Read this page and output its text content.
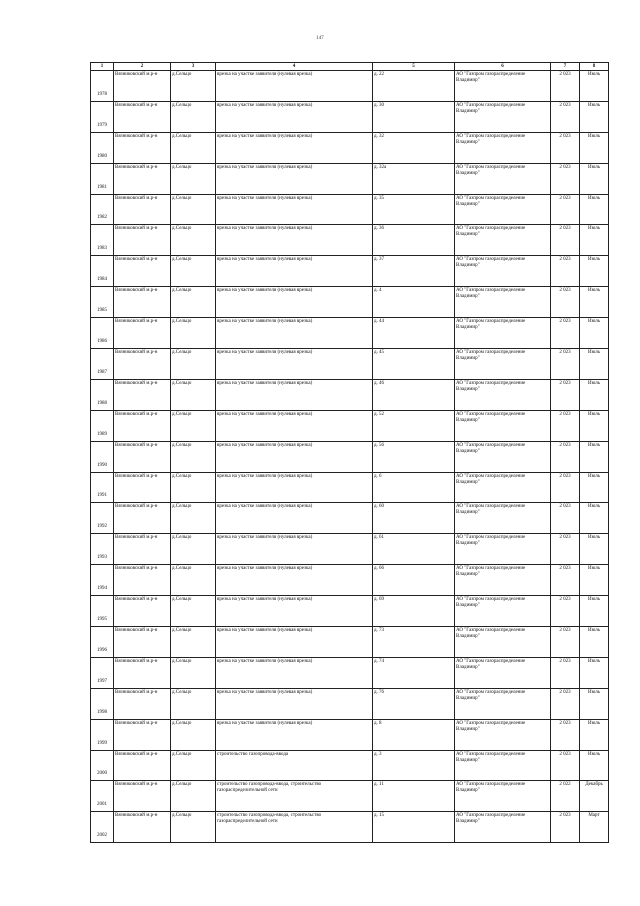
147
1	2	3	4	5	6	7	8
1978	Вязниковский м.р-н	д.Сельцо	врезка на участке заявителя (нулевая врезка)	д. 22	АО "Газпром газораспределение
Владимир"	2 023	Июль
1979	Вязниковский м.р-н	д.Сельцо	врезка на участке заявителя (нулевая врезка)	д. 30	АО "Газпром газораспределение
Владимир"	2 023	Июль
1980	Вязниковский м.р-н	д.Сельцо	врезка на участке заявителя (нулевая врезка)	д. 32	АО "Газпром газораспределение
Владимир"	2 023	Июль
1981	Вязниковский м.р-н	д.Сельцо	врезка на участке заявителя (нулевая врезка)	д. 32а	АО "Газпром газораспределение
Владимир"	2 023	Июль
1982	Вязниковский м.р-н	д.Сельцо	врезка на участке заявителя (нулевая врезка)	д. 35	АО "Газпром газораспределение
Владимир"	2 023	Июль
1983	Вязниковский м.р-н	д.Сельцо	врезка на участке заявителя (нулевая врезка)	д. 36	АО "Газпром газораспределение
Владимир"	2 023	Июль
1984	Вязниковский м.р-н	д.Сельцо	врезка на участке заявителя (нулевая врезка)	д. 37	АО "Газпром газораспределение
Владимир"	2 023	Июль
1985	Вязниковский м.р-н	д.Сельцо	врезка на участке заявителя (нулевая врезка)	д. 4	АО "Газпром газораспределение
Владимир"	2 023	Июль
1986	Вязниковский м.р-н	д.Сельцо	врезка на участке заявителя (нулевая врезка)	д. 44	АО "Газпром газораспределение
Владимир"	2 023	Июль
1987	Вязниковский м.р-н	д.Сельцо	врезка на участке заявителя (нулевая врезка)	д. 45	АО "Газпром газораспределение
Владимир"	2 023	Июль
1988	Вязниковский м.р-н	д.Сельцо	врезка на участке заявителя (нулевая врезка)	д. 46	АО "Газпром газораспределение
Владимир"	2 023	Июль
1989	Вязниковский м.р-н	д.Сельцо	врезка на участке заявителя (нулевая врезка)	д. 52	АО "Газпром газораспределение
Владимир"	2 023	Июль
1990	Вязниковский м.р-н	д.Сельцо	врезка на участке заявителя (нулевая врезка)	д. 56	АО "Газпром газораспределение
Владимир"	2 023	Июль
1991	Вязниковский м.р-н	д.Сельцо	врезка на участке заявителя (нулевая врезка)	д. 6	АО "Газпром газораспределение
Владимир"	2 023	Июль
1992	Вязниковский м.р-н	д.Сельцо	врезка на участке заявителя (нулевая врезка)	д. 60	АО "Газпром газораспределение
Владимир"	2 023	Июль
1993	Вязниковский м.р-н	д.Сельцо	врезка на участке заявителя (нулевая врезка)	д. 61	АО "Газпром газораспределение
Владимир"	2 023	Июль
1994	Вязниковский м.р-н	д.Сельцо	врезка на участке заявителя (нулевая врезка)	д. 66	АО "Газпром газораспределение
Владимир"	2 023	Июль
1995	Вязниковский м.р-н	д.Сельцо	врезка на участке заявителя (нулевая врезка)	д. 69	АО "Газпром газораспределение
Владимир"	2 023	Июль
1996	Вязниковский м.р-н	д.Сельцо	врезка на участке заявителя (нулевая врезка)	д. 73	АО "Газпром газораспределение
Владимир"	2 023	Июль
1997	Вязниковский м.р-н	д.Сельцо	врезка на участке заявителя (нулевая врезка)	д. 74	АО "Газпром газораспределение
Владимир"	2 023	Июль
1998	Вязниковский м.р-н	д.Сельцо	врезка на участке заявителя (нулевая врезка)	д. 76	АО "Газпром газораспределение
Владимир"	2 023	Июль
1999	Вязниковский м.р-н	д.Сельцо	врезка на участке заявителя (нулевая врезка)	д. 8	АО "Газпром газораспределение
Владимир"	2 023	Июль
2000	Вязниковский м.р-н	д.Сельцо	строительство газопровода-ввода	д. 3	АО "Газпром газораспределение
Владимир"	2 023	Июль
2001	Вязниковский м.р-н	д.Сельцо	строительство газопровода-ввода, строительство газораспределительной сети	д. 11	АО "Газпром газораспределение
Владимир"	2 022	Декабрь
2002	Вязниковский м.р-н	д.Сельцо	строительство газопровода-ввода, строительство газораспределительной сети	д. 15	АО "Газпром газораспределение
Владимир"	2 023	Март
